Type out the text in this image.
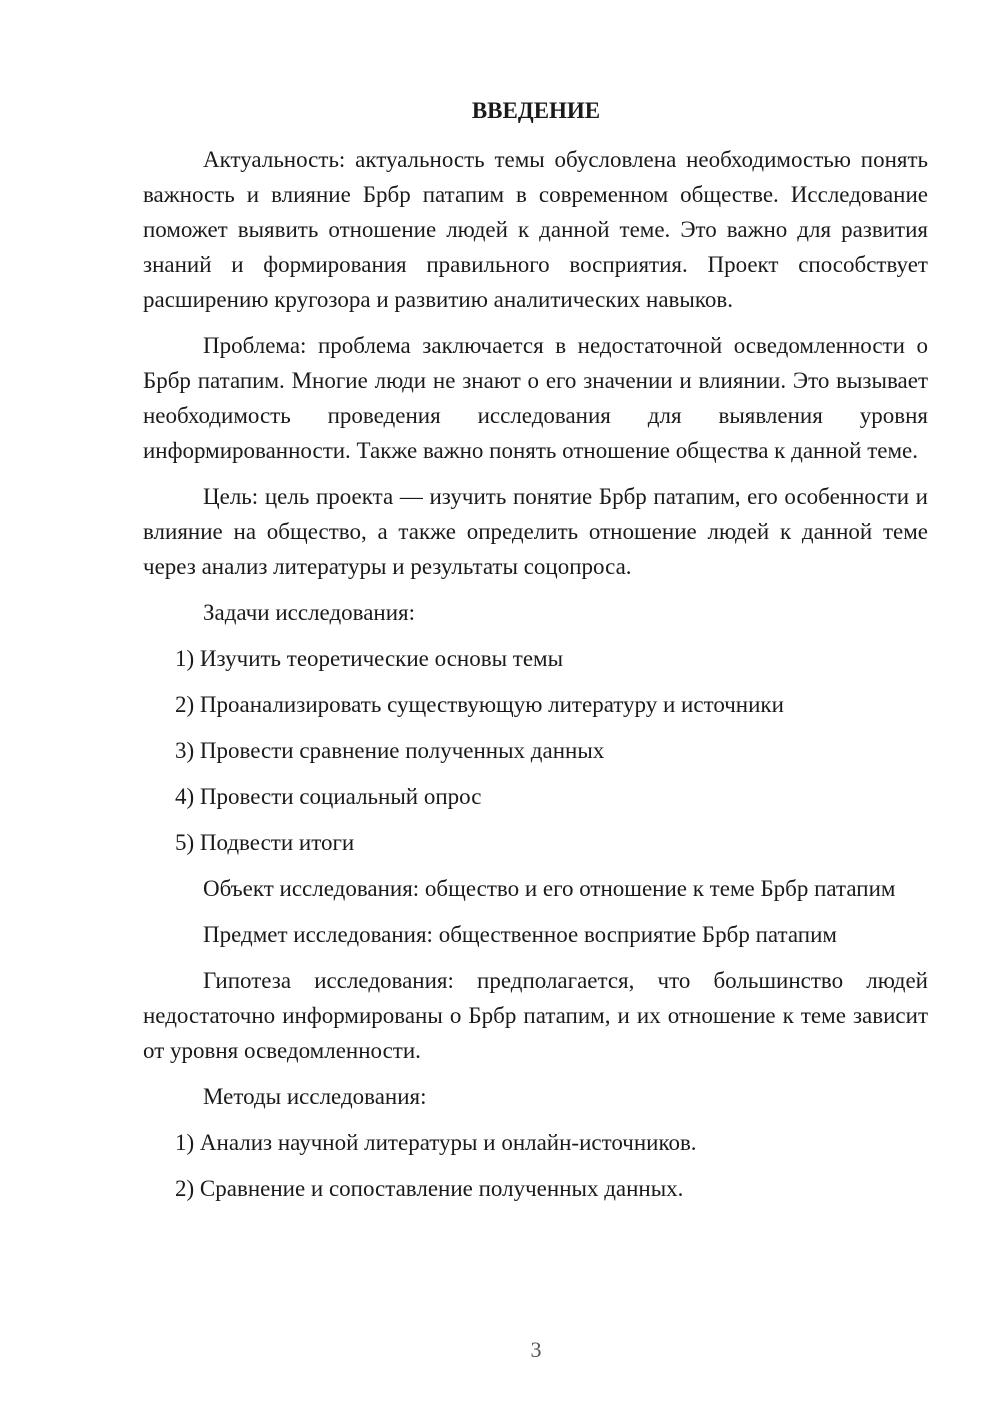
ВВЕДЕНИЕ

Актуальность: актуальность темы обусловлена необходимостью понять важность и влияние Брбр патапим в современном обществе. Исследование поможет выявить отношение людей к данной теме. Это важно для развития знаний и формирования правильного восприятия. Проект способствует расширению кругозора и развитию аналитических навыков.

Проблема: проблема заключается в недостаточной осведомленности о Брбр патапим. Многие люди не знают о его значении и влиянии. Это вызывает необходимость проведения исследования для выявления уровня информированности. Также важно понять отношение общества к данной теме.

Цель: цель проекта — изучить понятие Брбр патапим, его особенности и влияние на общество, а также определить отношение людей к данной теме через анализ литературы и результаты соцопроса.

Задачи исследования:

1) Изучить теоретические основы темы
2) Проанализировать существующую литературу и источники
3) Провести сравнение полученных данных
4) Провести социальный опрос
5) Подвести итоги

Объект исследования: общество и его отношение к теме Брбр патапим

Предмет исследования: общественное восприятие Брбр патапим

Гипотеза исследования: предполагается, что большинство людей недостаточно информированы о Брбр патапим, и их отношение к теме зависит от уровня осведомленности.

Методы исследования:

1) Анализ научной литературы и онлайн-источников.
2) Сравнение и сопоставление полученных данных.
3
